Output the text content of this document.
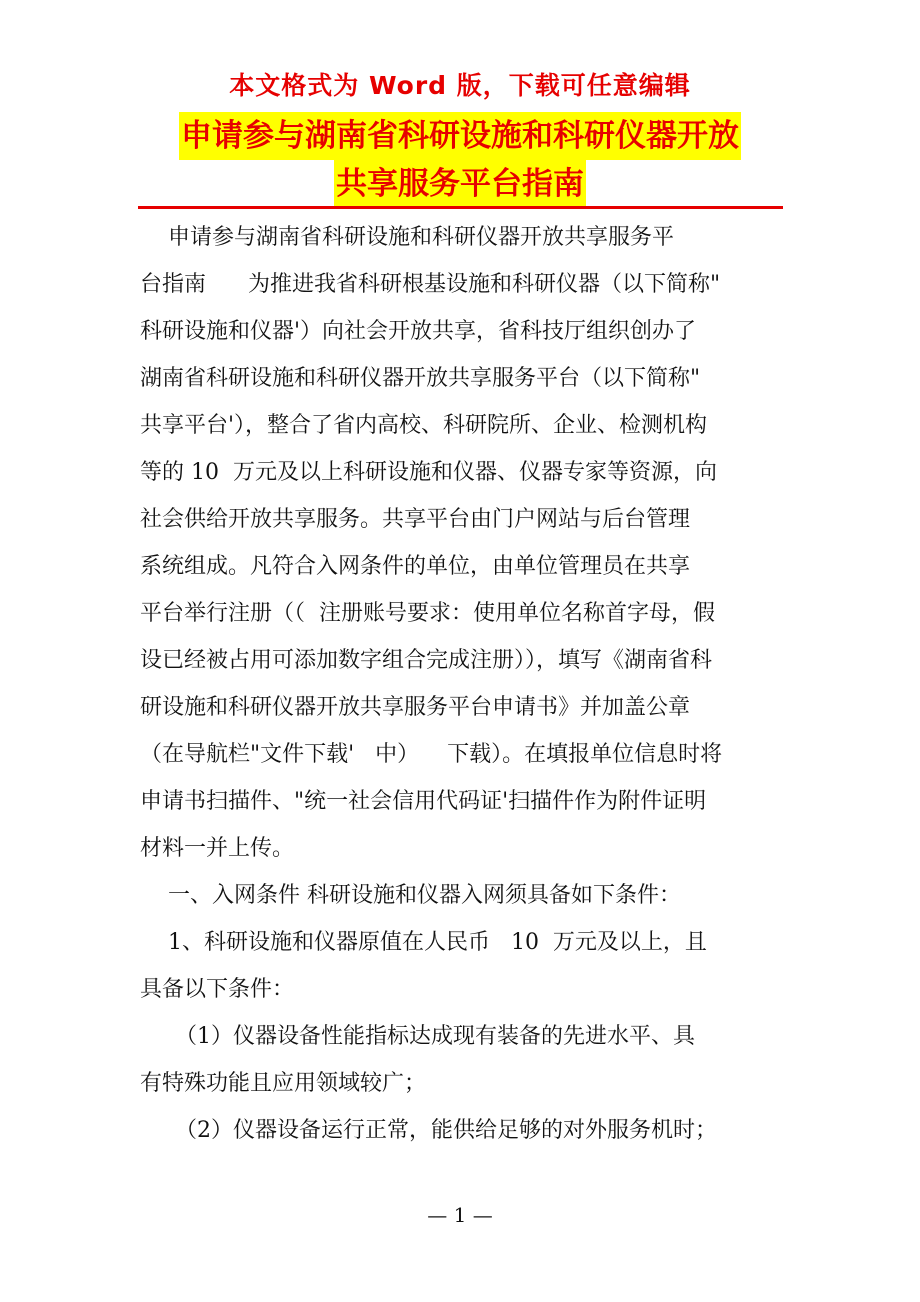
本文格式为 Word 版，下载可任意编辑
申请参与湖南省科研设施和科研仪器开放
共享服务平台指南
申请参与湖南省科研设施和科研仪器开放共享服务平
台指南      为推进我省科研根基设施和科研仪器（以下简称"
科研设施和仪器'）向社会开放共享，省科技厅组织创办了
湖南省科研设施和科研仪器开放共享服务平台（以下简称"
共享平台'），整合了省内高校、科研院所、企业、检测机构
等的 10  万元及以上科研设施和仪器、仪器专家等资源，向
社会供给开放共享服务。共享平台由门户网站与后台管理
系统组成。凡符合入网条件的单位，由单位管理员在共享
平台举行注册（（  注册账号要求：使用单位名称首字母，假
设已经被占用可添加数字组合完成注册）），填写《湖南省科
研设施和科研仪器开放共享服务平台申请书》并加盖公章
（在导航栏"文件下载'   中）    下载）。在填报单位信息时将
申请书扫描件、"统一社会信用代码证'扫描件作为附件证明
材料一并上传。
一、入网条件 科研设施和仪器入网须具备如下条件：
1、科研设施和仪器原值在人民币   10  万元及以上，且
具备以下条件：
（1）仪器设备性能指标达成现有装备的先进水平、具
有特殊功能且应用领域较广；
（2）仪器设备运行正常，能供给足够的对外服务机时；
— 1 —
